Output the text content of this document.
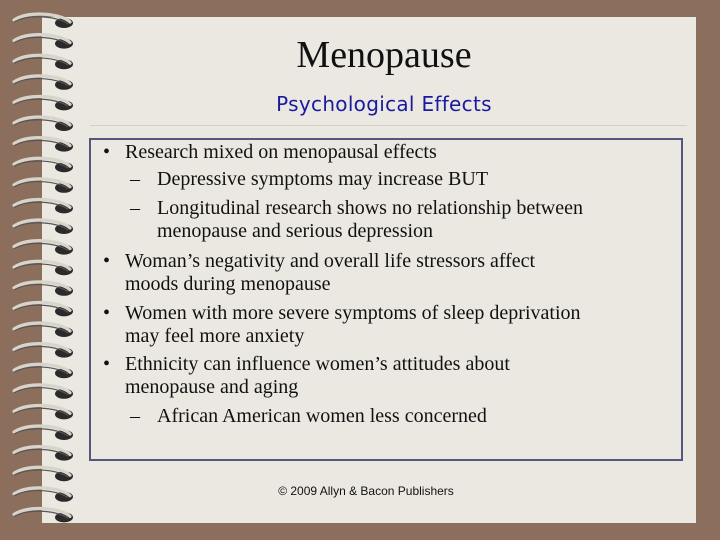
Menopause
Psychological Effects
• Research mixed on menopausal effects
– Depressive symptoms may increase BUT
– Longitudinal research shows no relationship between
menopause and serious depression
• Woman’s negativity and overall life stressors affect
moods during menopause
• Women with more severe symptoms of sleep deprivation
may feel more anxiety
• Ethnicity can influence women’s attitudes about
menopause and aging
– African American women less concerned
© 2009 Allyn & Bacon Publishers
